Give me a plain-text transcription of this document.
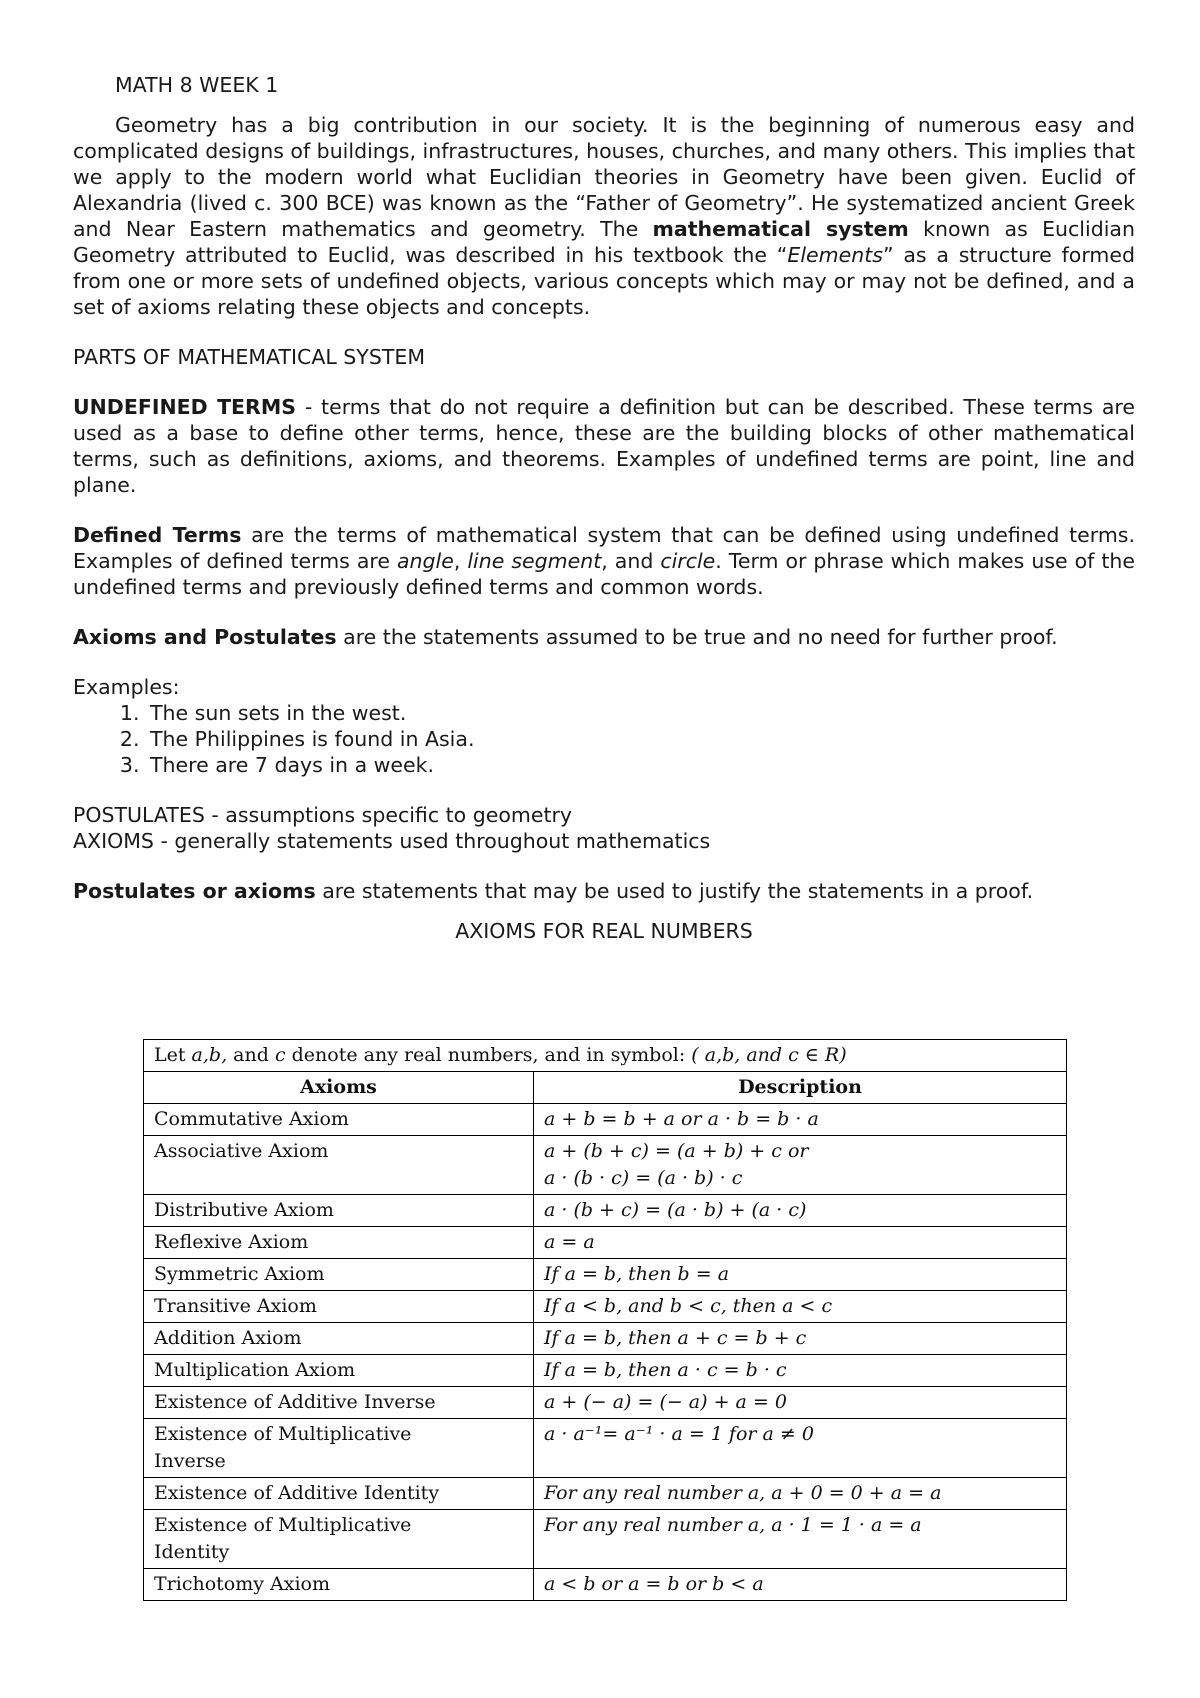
MATH 8 WEEK 1

Geometry has a big contribution in our society. It is the beginning of numerous easy and complicated designs of buildings, infrastructures, houses, churches, and many others. This implies that we apply to the modern world what Euclidian theories in Geometry have been given. Euclid of Alexandria (lived c. 300 BCE) was known as the “Father of Geometry”. He systematized ancient Greek and Near Eastern mathematics and geometry. The mathematical system known as Euclidian Geometry attributed to Euclid, was described in his textbook the “Elements” as a structure formed from one or more sets of undefined objects, various concepts which may or may not be defined, and a set of axioms relating these objects and concepts.

PARTS OF MATHEMATICAL SYSTEM

UNDEFINED TERMS - terms that do not require a definition but can be described. These terms are used as a base to define other terms, hence, these are the building blocks of other mathematical terms, such as definitions, axioms, and theorems. Examples of undefined terms are point, line and plane.

Defined Terms are the terms of mathematical system that can be defined using undefined terms. Examples of defined terms are angle, line segment, and circle. Term or phrase which makes use of the undefined terms and previously defined terms and common words.

Axioms and Postulates are the statements assumed to be true and no need for further proof.

Examples:
1. The sun sets in the west.
2. The Philippines is found in Asia.
3. There are 7 days in a week.
POSTULATES - assumptions specific to geometry
AXIOMS - generally statements used throughout mathematics

Postulates or axioms are statements that may be used to justify the statements in a proof.

AXIOMS FOR REAL NUMBERS
Let a,b, and c denote any real numbers, and in symbol: ( a,b, and c ∈ R)	
Axioms	Description
Commutative Axiom	a + b = b + a or a · b = b · a
Associative Axiom	a + (b + c) = (a + b) + c or
a · (b · c) = (a · b) · c

Distributive Axiom	a · (b + c) = (a · b) + (a · c)
Reflexive Axiom	a = a
Symmetric Axiom	If a = b, then b = a
Transitive Axiom	If a < b, and b < c, then a < c
Addition Axiom	If a = b, then a + c = b + c
Multiplication Axiom	If a = b, then a · c = b · c
Existence of Additive Inverse	a + (− a) = (− a) + a = 0

Existence of Multiplicative
Inverse	a · a⁻¹= a⁻¹ · a = 1 for a ≠ 0
Existence of Additive Identity	For any real number a, a + 0 = 0 + a = a

Existence of Multiplicative
Identity	For any real number a, a · 1 = 1 · a = a
Trichotomy Axiom	a < b or a = b or b < a
